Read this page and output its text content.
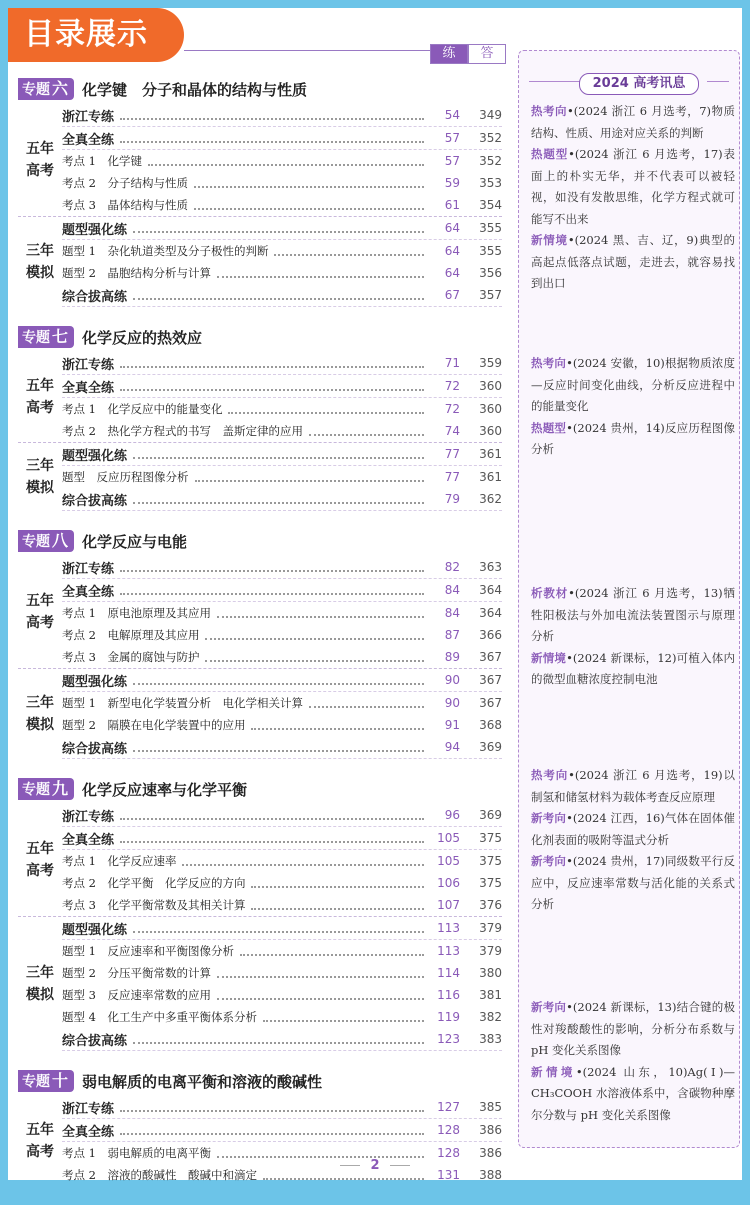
目录展示
练	答
专题 六 化学键　分子和晶体的结构与性质
五年高考
浙江专练	54	349
全真全练	57	352
考点 1　化学键	57	352
考点 2　分子结构与性质	59	353
考点 3　晶体结构与性质	61	354
三年模拟
题型强化练	64	355
题型 1　杂化轨道类型及分子极性的判断	64	355
题型 2　晶胞结构分析与计算	64	356
综合拔高练	67	357
专题 七 化学反应的热效应
五年高考
浙江专练	71	359
全真全练	72	360
考点 1　化学反应中的能量变化	72	360
考点 2　热化学方程式的书写　盖斯定律的应用	74	360
三年模拟
题型强化练	77	361
题型　反应历程图像分析	77	361
综合拔高练	79	362
专题 八 化学反应与电能
五年高考
浙江专练	82	363
全真全练	84	364
考点 1　原电池原理及其应用	84	364
考点 2　电解原理及其应用	87	366
考点 3　金属的腐蚀与防护	89	367
三年模拟
题型强化练	90	367
题型 1　新型电化学装置分析　电化学相关计算	90	367
题型 2　隔膜在电化学装置中的应用	91	368
综合拔高练	94	369
专题 九 化学反应速率与化学平衡
五年高考
浙江专练	96	369
全真全练	105	375
考点 1　化学反应速率	105	375
考点 2　化学平衡　化学反应的方向	106	375
考点 3　化学平衡常数及其相关计算	107	376
三年模拟
题型强化练	113	379
题型 1　反应速率和平衡图像分析	113	379
题型 2　分压平衡常数的计算	114	380
题型 3　反应速率常数的应用	116	381
题型 4　化工生产中多重平衡体系分析	119	382
综合拔高练	123	383
专题 十 弱电解质的电离平衡和溶液的酸碱性
五年高考
浙江专练	127	385
全真全练	128	386
考点 1　弱电解质的电离平衡	128	386
考点 2　溶液的酸碱性　酸碱中和滴定	131	388
2024 高考讯息
热考向•(2024 浙江 6 月选考，7)物质结构、性质、用途对应关系的判断
热题型•(2024 浙江 6 月选考，17)表面上的朴实无华，并不代表可以被轻视，如没有发散思维，化学方程式就可能写不出来
新情境•(2024 黑、吉、辽，9)典型的高起点低落点试题，走进去，就容易找到出口
热考向•(2024 安徽，10)根据物质浓度—反应时间变化曲线，分析反应进程中的能量变化
热题型•(2024 贵州，14)反应历程图像分析
析教材•(2024 浙江 6 月选考，13)牺牲阳极法与外加电流法装置图示与原理分析
新情境•(2024 新课标，12)可植入体内的微型血糖浓度控制电池
热考向•(2024 浙江 6 月选考，19)以制氢和储氢材料为载体考查反应原理
新考向•(2024 江西，16)气体在固体催化剂表面的吸附等温式分析
新考向•(2024 贵州，17)同级数平行反应中，反应速率常数与活化能的关系式分析
新考向•(2024 新课标，13)结合键的极性对羧酸酸性的影响，分析分布系数与 pH 变化关系图像
新情境•(2024 山东，10)Ag(Ⅰ)—CH₃COOH 水溶液体系中，含碳物种摩尔分数与 pH 变化关系图像
2
